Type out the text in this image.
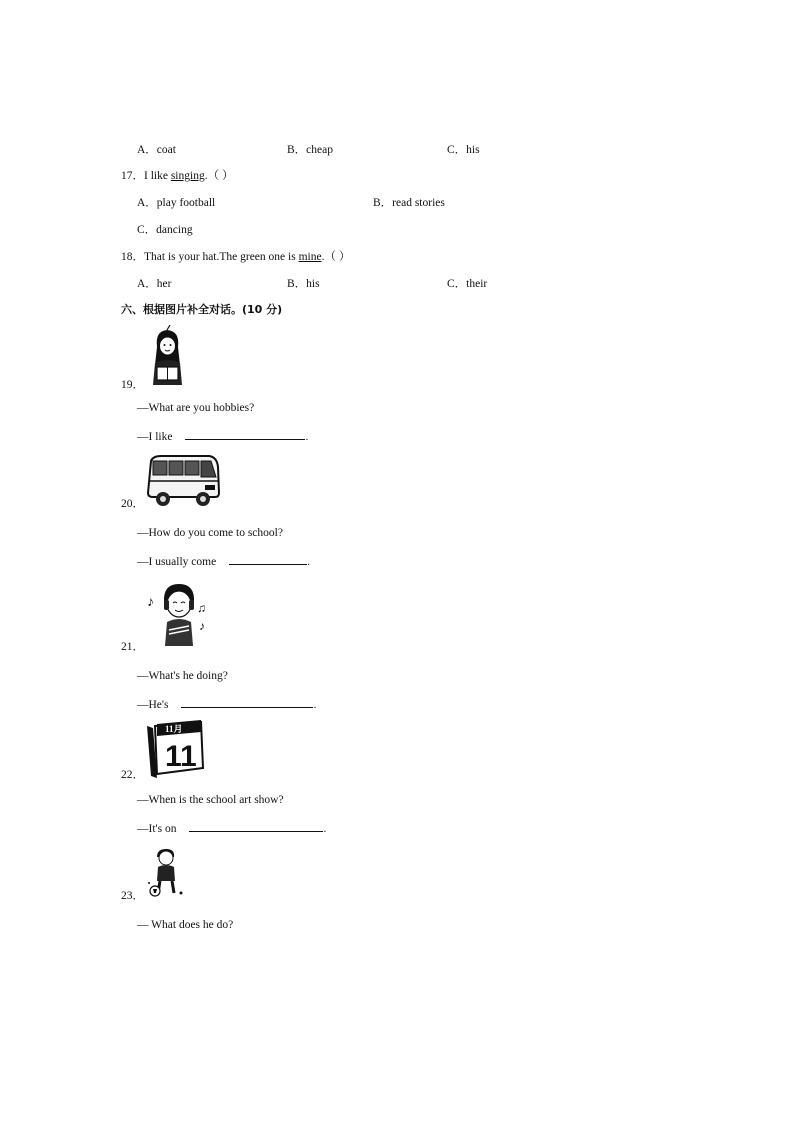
A．coat	B．cheap	C．his
17．I like singing.（ ）
A．play football	B．read stories
C．dancing
18．That is your hat.The green one is mine.（ ）
A．her	B．his	C．their
六、根据图片补全对话。(10 分)
19．
—What are you hobbies?
—I like	.
20．
—How do you come to school?
—I usually come	.
♪	♫
♪
21．
—What's he doing?
—He's	.
11月
11
22．
—When is the school art show?
—It's on	.
23．
— What does he do?
